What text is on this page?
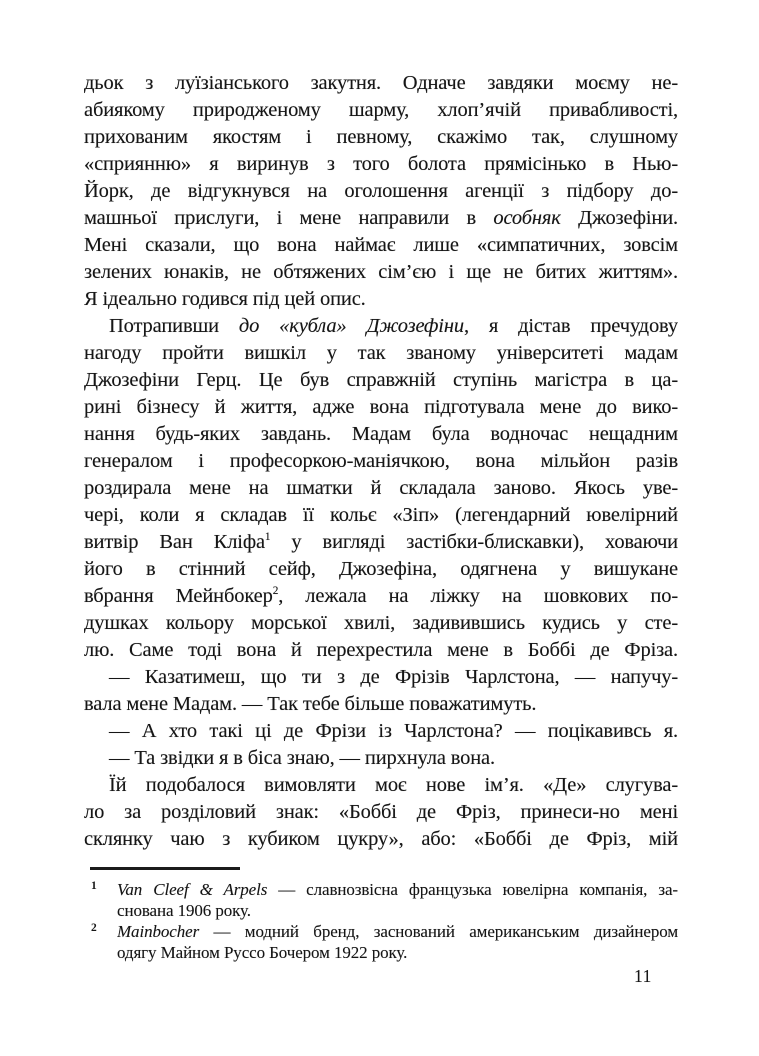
дьок з луїзіанського закутня. Одначе завдяки моєму не-
абиякому природженому шарму, хлоп’ячій привабливості,
прихованим якостям і певному, скажімо так, слушному
«сприянню» я виринув з того болота прямісінько в Нью-
Йорк, де відгукнувся на оголошення агенції з підбору до-
машньої прислуги, і мене направили в особняк Джозефіни.
Мені сказали, що вона наймає лише «симпатичних, зовсім
зелених юнаків, не обтяжених сім’єю і ще не битих життям».
Я ідеально годився під цей опис.
Потрапивши до «кубла» Джозефіни, я дістав пречудову
нагоду пройти вишкіл у так званому університеті мадам
Джозефіни Герц. Це був справжній ступінь магістра в ца-
рині бізнесу й життя, адже вона підготувала мене до вико-
нання будь-яких завдань. Мадам була водночас нещадним
генералом і професоркою-маніячкою, вона мільйон разів
роздирала мене на шматки й складала заново. Якось уве-
чері, коли я складав її кольє «Зіп» (легендарний ювелірний
витвір Ван Кліфа$^1$ у вигляді застібки-блискавки), ховаючи
його в стінний сейф, Джозефіна, одягнена у вишукане
вбрання Мейнбокер$^2$, лежала на ліжку на шовкових по-
душках кольору морської хвилі, задивившись кудись у сте-
лю. Саме тоді вона й перехрестила мене в Боббі де Фріза.
— Казатимеш, що ти з де Фрізів Чарлстона, — напучу-
вала мене Мадам. — Так тебе більше поважатимуть.
— А хто такі ці де Фрізи із Чарлстона? — поцікавивсь я.
— Та звідки я в біса знаю, — пирхнула вона.
Їй подобалося вимовляти моє нове ім’я. «Де» слугува-
ло за розділовий знак: «Боббі де Фріз, принеси-но мені
склянку чаю з кубиком цукру», або: «Боббі де Фріз, мій
1 Van Cleef & Arpels — славнозвісна французька ювелірна компанія, за-
снована 1906 року.
2 Mainbocher — модний бренд, заснований американським дизайнером
одягу Майном Руссо Бочером 1922 року.
11
